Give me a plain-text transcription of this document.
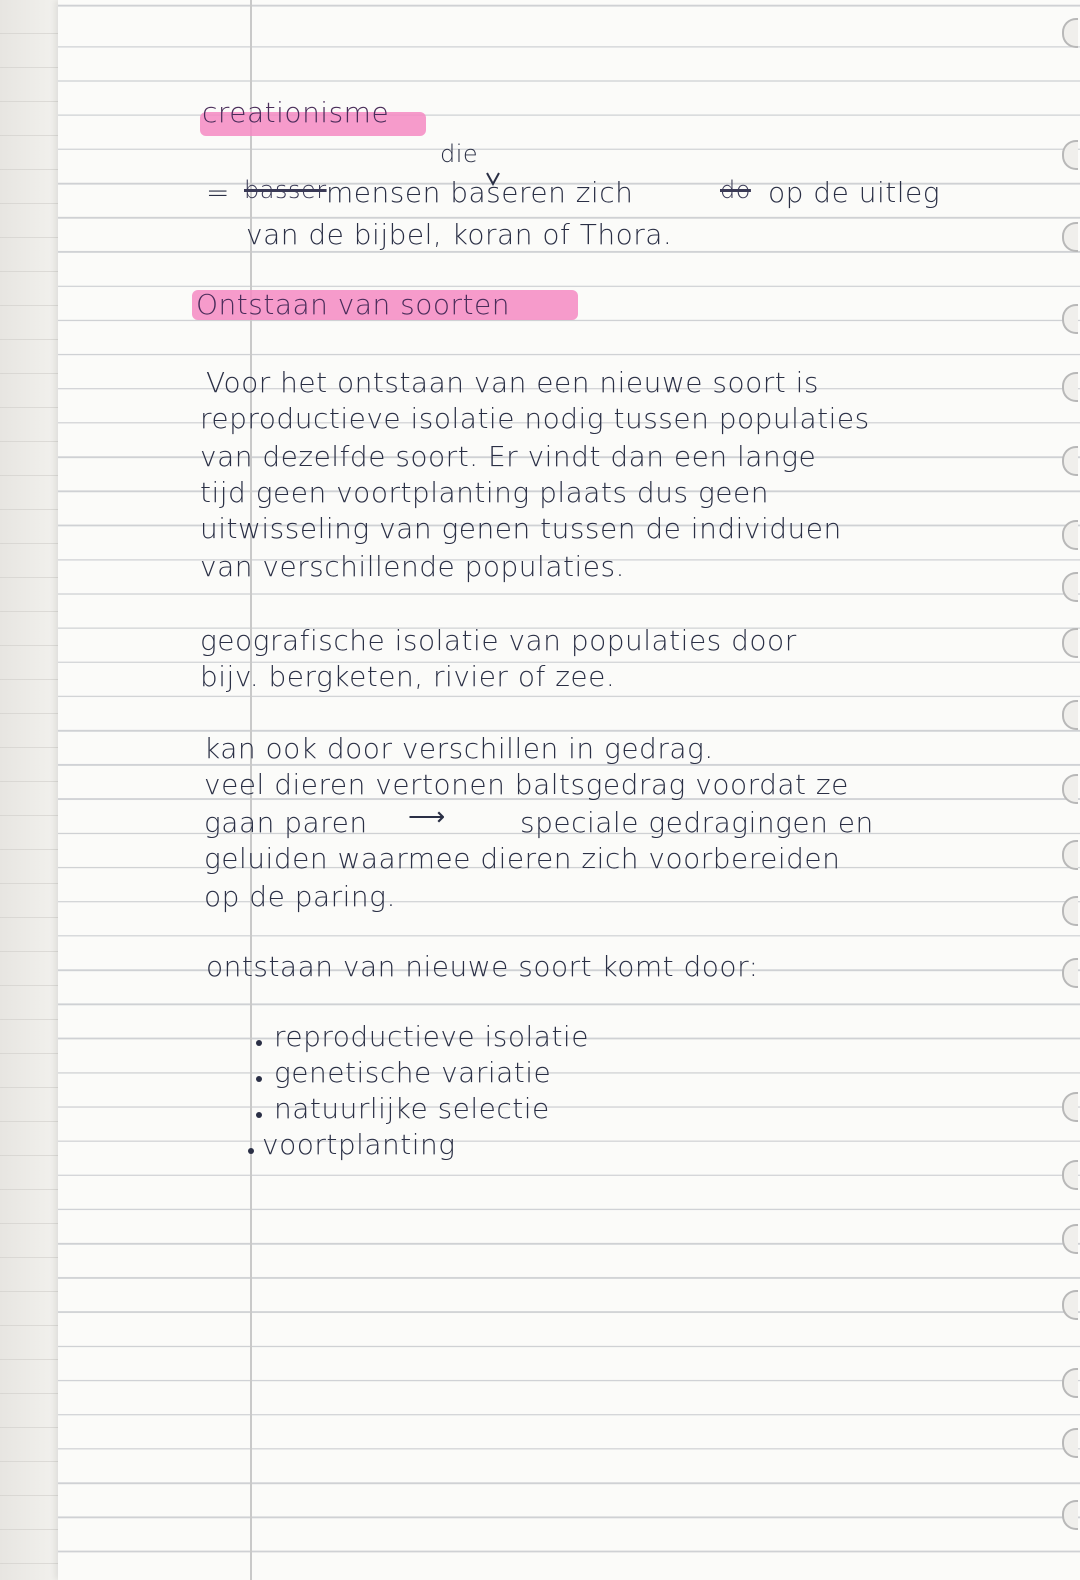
creationisme

die

= basser mensen baseren zich	do op de uitleg

van de bijbel, koran of Thora.

Ontstaan van soorten

Voor het ontstaan van een nieuwe soort is

reproductieve isolatie nodig tussen populaties

van dezelfde soort. Er vindt dan een lange

tijd geen voortplanting plaats dus geen

uitwisseling van genen tussen de individuen

van verschillende populaties.

geografische isolatie van populaties door

bijv. bergketen, rivier of zee.

kan ook door verschillen in gedrag.

veel dieren vertonen baltsgedrag voordat ze

gaan paren ⟶	speciale gedragingen en

geluiden waarmee dieren zich voorbereiden

op de paring.

ontstaan van nieuwe soort komt door:

reproductieve isolatie

genetische variatie

natuurlijke selectie

voortplanting
